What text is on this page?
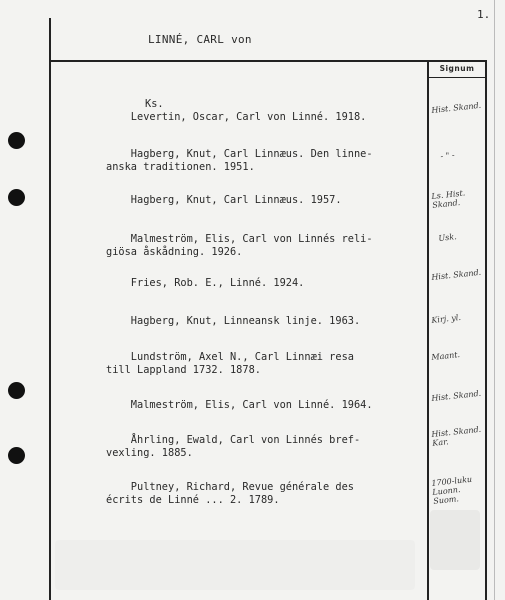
1.
LINNÉ, CARL von
Signum
Ks.
Levertin, Oscar, Carl von Linné. 1918.
Hist. Skand.
Hagberg, Knut, Carl Linnæus. Den linne-
anska traditionen. 1951.
- " -
Hagberg, Knut, Carl Linnæus. 1957.	Ls. Hist. Skand.
Malmeström, Elis, Carl von Linnés reli-
giösa åskådning. 1926.
Usk.
Fries, Rob. E., Linné. 1924.
Hist. Skand.
Hagberg, Knut, Linneansk linje. 1963.	Kirj. yl.
Lundström, Axel N., Carl Linnæi resa
till Lappland 1732. 1878.
Maant.
Malmeström, Elis, Carl von Linné. 1964.
Hist. Skand.
Åhrling, Ewald, Carl von Linnés bref-
vexling. 1885.
Hist. Skand. Kar.
Pultney, Richard, Revue générale des
écrits de Linné ... 2. 1789.
1700-luku Luonn. Suom.
